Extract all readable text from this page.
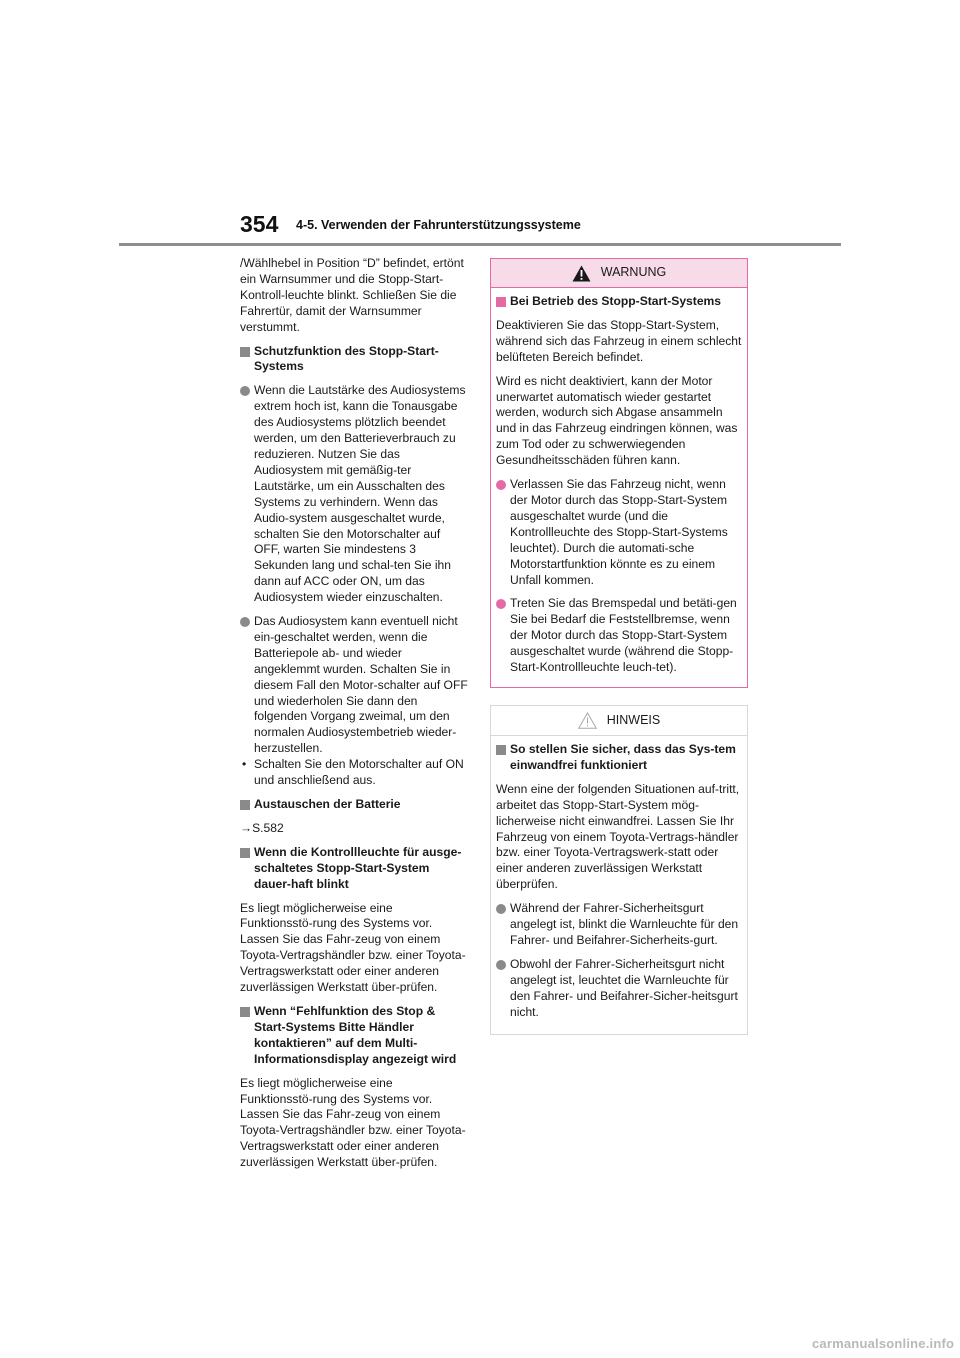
354 4-5. Verwenden der Fahrunterstützungssysteme

/Wählhebel in Position “D” befindet, ertönt ein Warnsummer und die Stopp-Start-Kontroll-leuchte blinkt. Schließen Sie die Fahrertür, damit der Warnsummer verstummt.

Schutzfunktion des Stopp-Start-Systems
Wenn die Lautstärke des Audiosystems extrem hoch ist, kann die Tonausgabe des Audiosystems plötzlich beendet werden, um den Batterieverbrauch zu reduzieren. Nutzen Sie das Audiosystem mit gemäßig-ter Lautstärke, um ein Ausschalten des Systems zu verhindern. Wenn das Audio-system ausgeschaltet wurde, schalten Sie den Motorschalter auf OFF, warten Sie mindestens 3 Sekunden lang und schal-ten Sie ihn dann auf ACC oder ON, um das Audiosystem wieder einzuschalten.
Das Audiosystem kann eventuell nicht ein-geschaltet werden, wenn die Batteriepole ab- und wieder angeklemmt wurden. Schalten Sie in diesem Fall den Motor-schalter auf OFF und wiederholen Sie dann den folgenden Vorgang zweimal, um den normalen Audiosystembetrieb wieder-herzustellen.
• Schalten Sie den Motorschalter auf ON und anschließend aus.
Austauschen der Batterie

→S.582

Wenn die Kontrollleuchte für ausge-schaltetes Stopp-Start-System dauer-haft blinkt

Es liegt möglicherweise eine Funktionsstö-rung des Systems vor. Lassen Sie das Fahr-zeug von einem Toyota-Vertragshändler bzw. einer Toyota-Vertragswerkstatt oder einer anderen zuverlässigen Werkstatt über-prüfen.

Wenn “Fehlfunktion des Stop & Start-Systems Bitte Händler kontaktieren” auf dem Multi-Informationsdisplay angezeigt wird

Es liegt möglicherweise eine Funktionsstö-rung des Systems vor. Lassen Sie das Fahr-zeug von einem Toyota-Vertragshändler bzw. einer Toyota-Vertragswerkstatt oder einer anderen zuverlässigen Werkstatt über-prüfen.

WARNUNG
Bei Betrieb des Stopp-Start-Systems

Deaktivieren Sie das Stopp-Start-System, während sich das Fahrzeug in einem schlecht belüfteten Bereich befindet.

Wird es nicht deaktiviert, kann der Motor unerwartet automatisch wieder gestartet werden, wodurch sich Abgase ansammeln und in das Fahrzeug eindringen können, was zum Tod oder zu schwerwiegenden Gesundheitsschäden führen kann.

Verlassen Sie das Fahrzeug nicht, wenn der Motor durch das Stopp-Start-System ausgeschaltet wurde (und die Kontrollleuchte des Stopp-Start-Systems leuchtet). Durch die automati-sche Motorstartfunktion könnte es zu einem Unfall kommen.
Treten Sie das Bremspedal und betäti-gen Sie bei Bedarf die Feststellbremse, wenn der Motor durch das Stopp-Start-System ausgeschaltet wurde (während die Stopp-Start-Kontrollleuchte leuch-tet).
HINWEIS
So stellen Sie sicher, dass das Sys-tem einwandfrei funktioniert

Wenn eine der folgenden Situationen auf-tritt, arbeitet das Stopp-Start-System mög-licherweise nicht einwandfrei. Lassen Sie Ihr Fahrzeug von einem Toyota-Vertrags-händler bzw. einer Toyota-Vertragswerk-statt oder einer anderen zuverlässigen Werkstatt überprüfen.

Während der Fahrer-Sicherheitsgurt angelegt ist, blinkt die Warnleuchte für den Fahrer- und Beifahrer-Sicherheits-gurt.
Obwohl der Fahrer-Sicherheitsgurt nicht angelegt ist, leuchtet die Warnleuchte für den Fahrer- und Beifahrer-Sicher-heitsgurt nicht.
carmanualsonline.info
